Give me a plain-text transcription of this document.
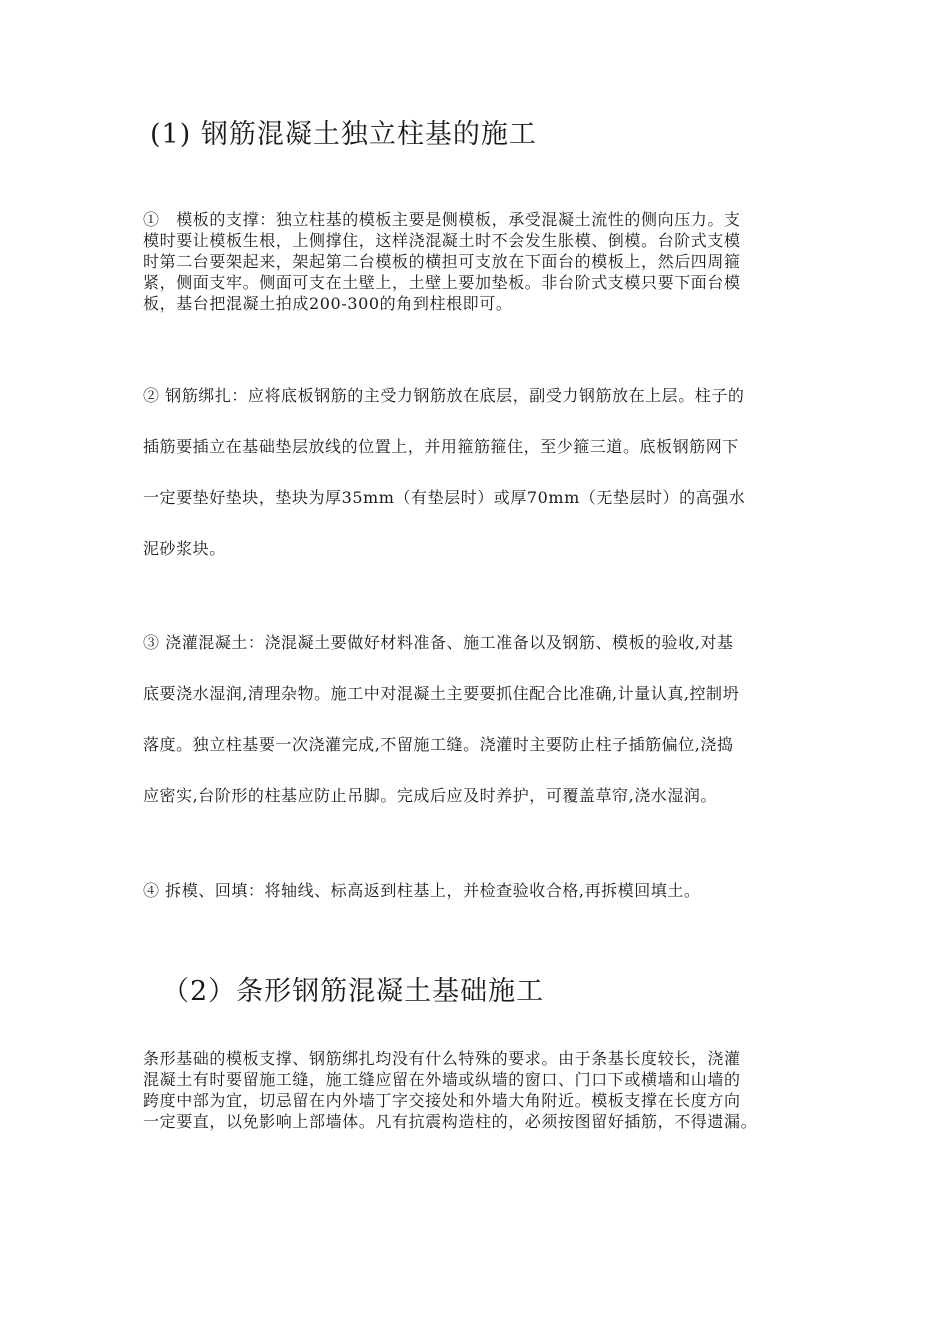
(1) 钢筋混凝土独立柱基的施工

①　模板的支撑：独立柱基的模板主要是侧模板，承受混凝土流性的侧向压力。支

模时要让模板生根，上侧撑住，这样浇混凝土时不会发生胀模、倒模。台阶式支模

时第二台要架起来，架起第二台模板的横担可支放在下面台的模板上，然后四周箍

紧，侧面支牢。侧面可支在土壁上，土壁上要加垫板。非台阶式支模只要下面台模

板，基台把混凝土拍成200-300的角到柱根即可。

② 钢筋绑扎：应将底板钢筋的主受力钢筋放在底层，副受力钢筋放在上层。柱子的

插筋要插立在基础垫层放线的位置上，并用箍筋箍住，至少箍三道。底板钢筋网下

一定要垫好垫块，垫块为厚35mm（有垫层时）或厚70mm（无垫层时）的高强水

泥砂浆块。

③ 浇灌混凝土：浇混凝土要做好材料准备、施工准备以及钢筋、模板的验收,对基

底要浇水湿润,清理杂物。施工中对混凝土主要要抓住配合比准确,计量认真,控制坍

落度。独立柱基要一次浇灌完成,不留施工缝。浇灌时主要防止柱子插筋偏位,浇捣

应密实,台阶形的柱基应防止吊脚。完成后应及时养护，可覆盖草帘,浇水湿润。

④ 拆模、回填：将轴线、标高返到柱基上，并检查验收合格,再拆模回填土。

（2）条形钢筋混凝土基础施工

条形基础的模板支撑、钢筋绑扎均没有什么特殊的要求。由于条基长度较长，浇灌

混凝土有时要留施工缝，施工缝应留在外墙或纵墙的窗口、门口下或横墙和山墙的

跨度中部为宜，切忌留在内外墙丁字交接处和外墙大角附近。模板支撑在长度方向

一定要直，以免影响上部墙体。凡有抗震构造柱的，必须按图留好插筋，不得遗漏。
